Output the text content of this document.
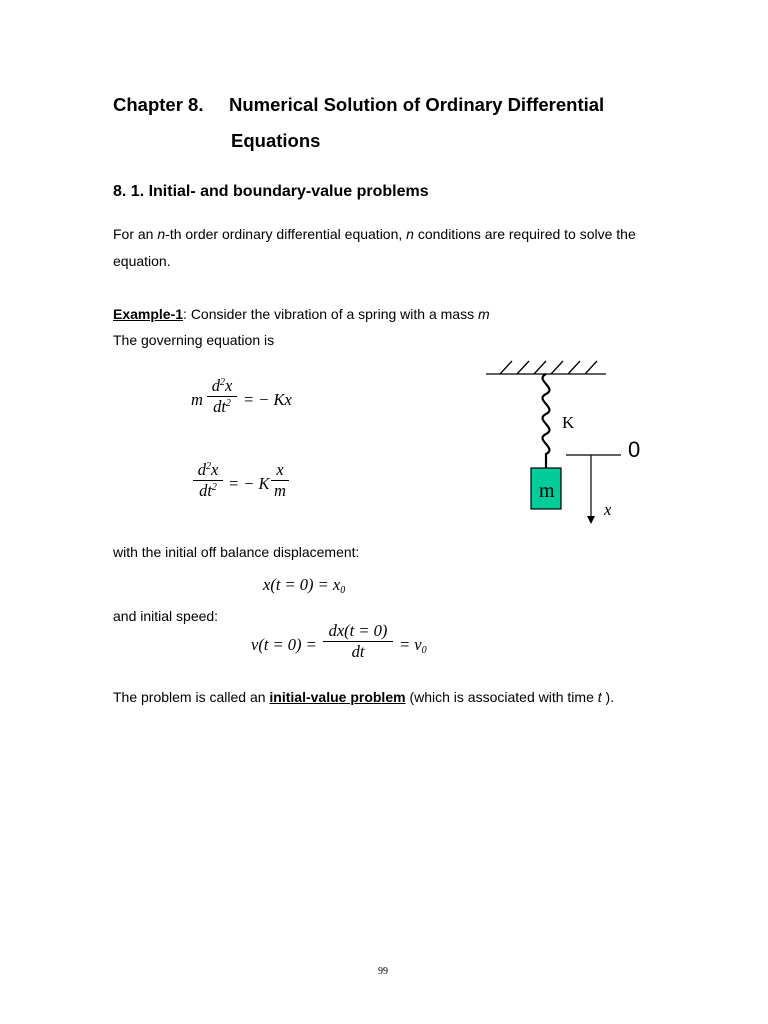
Chapter 8. Numerical Solution of Ordinary Differential
Equations
8. 1. Initial- and boundary-value problems
For an n-th order ordinary differential equation, n conditions are required to solve the
equation.
Example-1: Consider the vibration of a spring with a mass m
The governing equation is
m
$d^2x$
$dt^2$ = − Kx
$d^2x$
$dt^2$ = − K
x
m
K
0
m
x
with the initial off balance displacement:
$x(t = 0) = x_0$
and initial speed:
v(t = 0) =
dx(t = 0)
dt = $v_0$
The problem is called an initial-value problem (which is associated with time t ).
99
